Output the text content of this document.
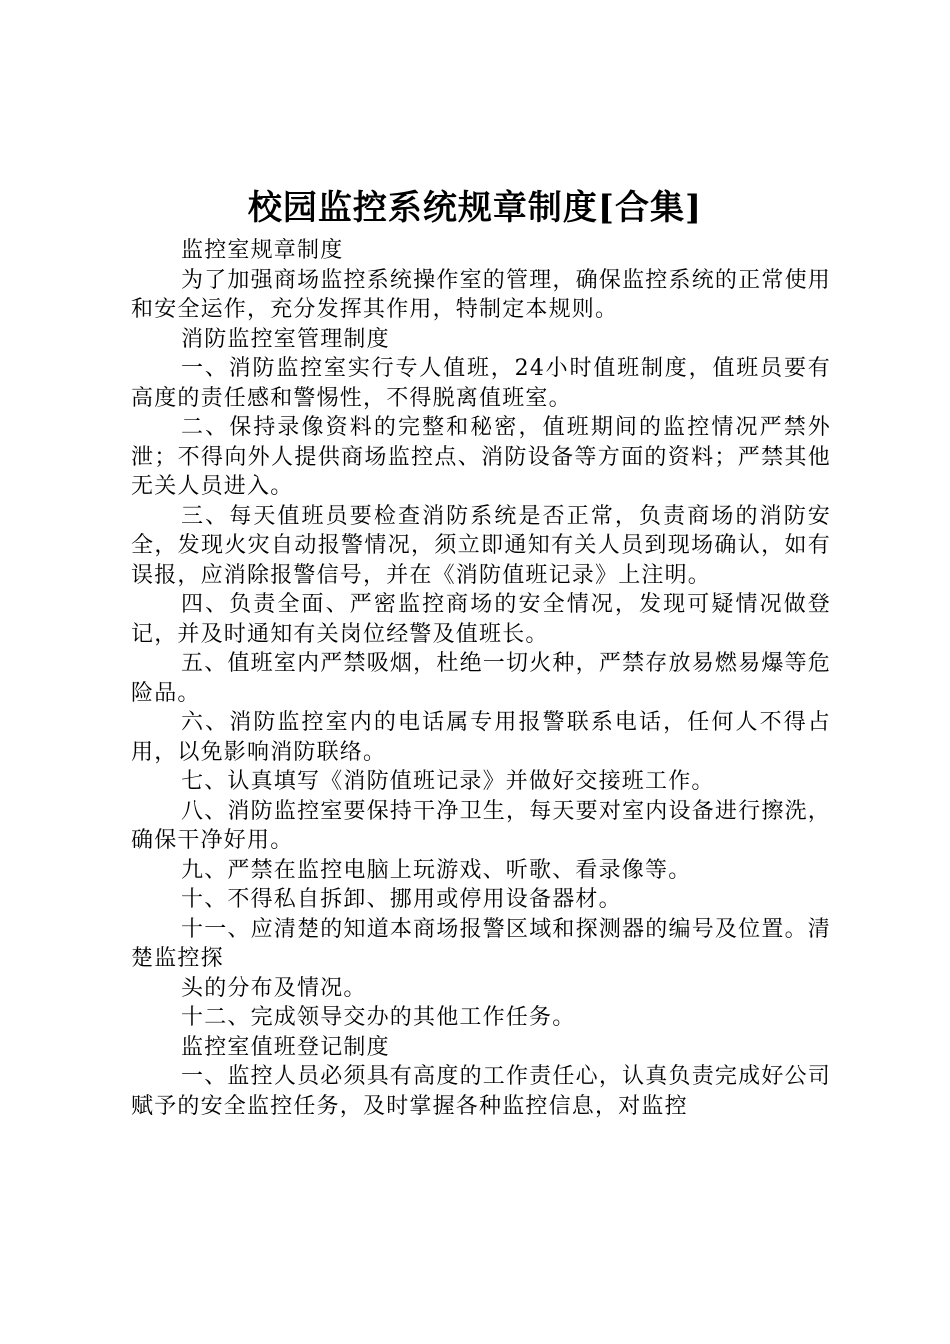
校园监控系统规章制度[合集]

监控室规章制度

为了加强商场监控系统操作室的管理，确保监控系统的正常使用和安全运作，充分发挥其作用，特制定本规则。

消防监控室管理制度

一、消防监控室实行专人值班，24小时值班制度，值班员要有高度的责任感和警惕性，不得脱离值班室。

二、保持录像资料的完整和秘密，值班期间的监控情况严禁外泄；不得向外人提供商场监控点、消防设备等方面的资料；严禁其他无关人员进入。

三、每天值班员要检查消防系统是否正常，负责商场的消防安全，发现火灾自动报警情况，须立即通知有关人员到现场确认，如有误报，应消除报警信号，并在《消防值班记录》上注明。

四、负责全面、严密监控商场的安全情况，发现可疑情况做登记，并及时通知有关岗位经警及值班长。

五、值班室内严禁吸烟，杜绝一切火种，严禁存放易燃易爆等危险品。

六、消防监控室内的电话属专用报警联系电话，任何人不得占用，以免影响消防联络。

七、认真填写《消防值班记录》并做好交接班工作。

八、消防监控室要保持干净卫生，每天要对室内设备进行擦洗，确保干净好用。

九、严禁在监控电脑上玩游戏、听歌、看录像等。

十、不得私自拆卸、挪用或停用设备器材。

十一、应清楚的知道本商场报警区域和探测器的编号及位置。清楚监控探

头的分布及情况。

十二、完成领导交办的其他工作任务。

监控室值班登记制度

一、监控人员必须具有高度的工作责任心，认真负责完成好公司赋予的安全监控任务，及时掌握各种监控信息，对监控
